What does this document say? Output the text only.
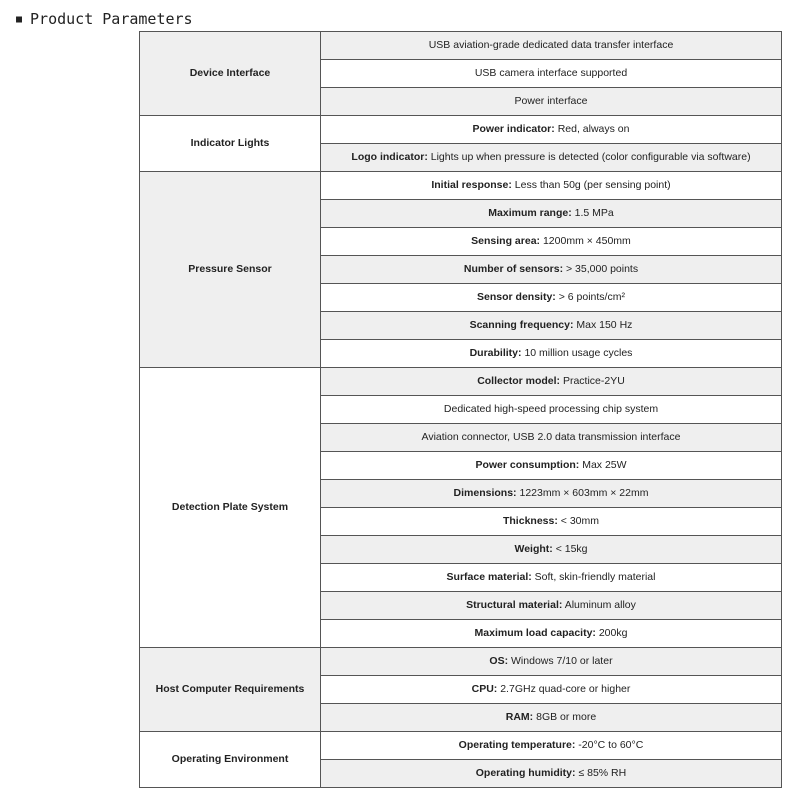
■ Product Parameters
Device Interface	USB aviation-grade dedicated data transfer interface
	USB camera interface supported
	Power interface
Indicator Lights	Power indicator: Red, always on
	Logo indicator: Lights up when pressure is detected (color configurable via software)
Pressure Sensor	Initial response: Less than 50g (per sensing point)
	Maximum range: 1.5 MPa
	Sensing area: 1200mm × 450mm
	Number of sensors: > 35,000 points
	Sensor density: > 6 points/cm²
	Scanning frequency: Max 150 Hz
	Durability: 10 million usage cycles
Detection Plate System	Collector model: Practice-2YU
	Dedicated high-speed processing chip system
	Aviation connector, USB 2.0 data transmission interface
	Power consumption: Max 25W
	Dimensions: 1223mm × 603mm × 22mm
	Thickness: < 30mm
	Weight: < 15kg
	Surface material: Soft, skin-friendly material
	Structural material: Aluminum alloy
	Maximum load capacity: 200kg
Host Computer Requirements	OS: Windows 7/10 or later
	CPU: 2.7GHz quad-core or higher
	RAM: 8GB or more
Operating Environment	Operating temperature: -20°C to 60°C
	Operating humidity: ≤ 85% RH
